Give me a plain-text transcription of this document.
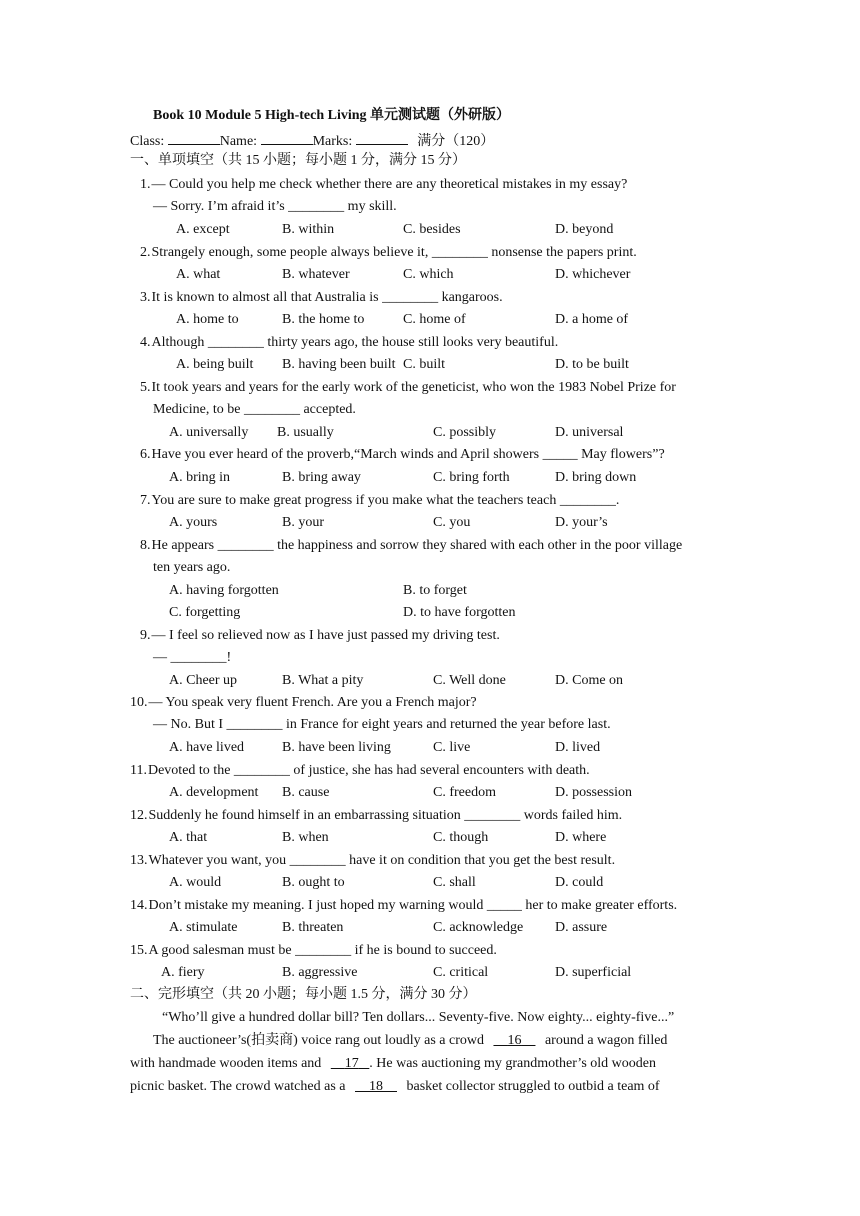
Book 10 Module 5 High-tech Living 单元测试题（外研版）
Class:	Name:	Marks:	满分（120）
一、单项填空（共 15 小题；每小题 1 分，满分 15 分）
1.— Could you help me check whether there are any theoretical mistakes in my essay?
— Sorry. I’m afraid it’s ________ my skill.
A. except	B. within	C. besides	D. beyond
2.Strangely enough, some people always believe it, ________ nonsense the papers print.
A. what	B. whatever	C. which	D. whichever
3.It is known to almost all that Australia is ________ kangaroos.
A. home to	B. the home to	C. home of	D. a home of
4.Although ________ thirty years ago, the house still looks very beautiful.
A. being built B. having been built C. built	D. to be built
5.It took years and years for the early work of the geneticist, who won the 1983 Nobel Prize for
Medicine, to be ________ accepted.
A. universally B. usually	C. possibly	D. universal
6.Have you ever heard of the proverb,“March winds and April showers _____ May flowers”?
A. bring in	B. bring away	C. bring forth	D. bring down
7.You are sure to make great progress if you make what the teachers teach ________.
A. yours	B. your	C. you	D. your’s
8.He appears ________ the happiness and sorrow they shared with each other in the poor village
ten years ago.
A. having forgotten	B. to forget
C. forgetting	D. to have forgotten
9.— I feel so relieved now as I have just passed my driving test.
— ________!
A. Cheer up	B. What a pity	C. Well done	D. Come on
10.— You speak very fluent French. Are you a French major?
— No. But I ________ in France for eight years and returned the year before last.
A. have lived	B. have been living	C. live	D. lived
11.Devoted to the ________ of justice, she has had several encounters with death.
A. development B. cause	C. freedom	D. possession
12.Suddenly he found himself in an embarrassing situation ________ words failed him.
A. that	B. when	C. though	D. where
13.Whatever you want, you ________ have it on condition that you get the best result.
A. would	B. ought to	C. shall	D. could
14.Don’t mistake my meaning. I just hoped my warning would _____ her to make greater efforts.
A. stimulate	B. threaten	C. acknowledge D. assure
15.A good salesman must be ________ if he is bound to succeed.
A. fiery	B. aggressive	C. critical	D. superficial
二、完形填空（共 20 小题；每小题 1.5 分，满分 30 分）
“Who’ll give a hundred dollar bill? Ten dollars... Seventy-five. Now eighty... eighty-five...”
The auctioneer’s(拍卖商) voice rang out loudly as a crowd 16 around a wagon filled
with handmade wooden items and 17 . He was auctioning my grandmother’s old wooden
picnic basket. The crowd watched as a 18 basket collector struggled to outbid a team of
